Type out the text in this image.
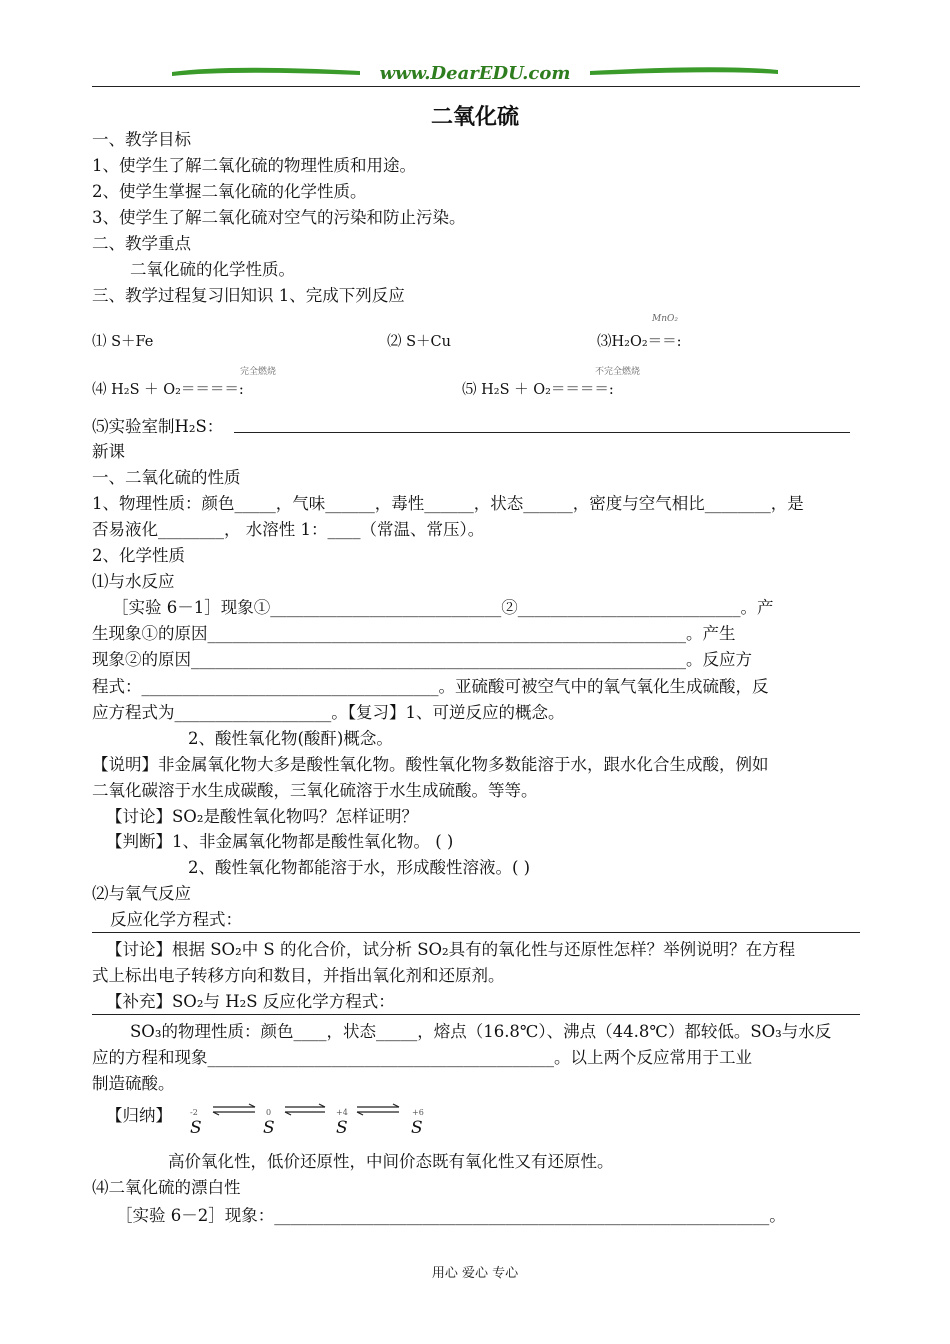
www.DearEDU.com
二氧化硫
一、教学目标
1、使学生了解二氧化硫的物理性质和用途。
2、使学生掌握二氧化硫的化学性质。
3、使学生了解二氧化硫对空气的污染和防止污染。
二、教学重点
二氧化硫的化学性质。
三、教学过程复习旧知识 1、完成下列反应
⑴ S＋Fe	⑵ S＋Cu
MnO₂
⑶H₂O₂＝＝:
完全燃烧
⑷ H₂S ＋ O₂＝＝＝＝:
不完全燃烧
⑸ H₂S ＋ O₂＝＝＝＝:
⑸实验室制H₂S：
新课
一、二氧化硫的性质
1、物理性质：颜色_____，气味______，毒性______，状态______，密度与空气相比________，是
否易液化________， 水溶性 1：____（常温、常压）。
2、化学性质
⑴与水反应
［实验 6－1］现象①____________________________②___________________________。产
生现象①的原因__________________________________________________________。产生
现象②的原因____________________________________________________________。反应方
程式：____________________________________。亚硫酸可被空气中的氧气氧化生成硫酸，反
应方程式为___________________。【复习】1、可逆反应的概念。
2、酸性氧化物(酸酐)概念。
【说明】非金属氧化物大多是酸性氧化物。酸性氧化物多数能溶于水，跟水化合生成酸，例如
二氧化碳溶于水生成碳酸，三氧化硫溶于水生成硫酸。等等。
【讨论】SO₂是酸性氧化物吗？怎样证明？
【判断】1、非金属氧化物都是酸性氧化物。 ( )
2、酸性氧化物都能溶于水，形成酸性溶液。( )
⑵与氧气反应
反应化学方程式：
【讨论】根据 SO₂中 S 的化合价，试分析 SO₂具有的氧化性与还原性怎样？举例说明？在方程
式上标出电子转移方向和数目，并指出氧化剂和还原剂。
【补充】SO₂与 H₂S 反应化学方程式：
SO₃的物理性质：颜色____，状态_____，熔点（16.8℃）、沸点（44.8℃）都较低。SO₃与水反
应的方程和现象__________________________________________。以上两个反应常用于工业
制造硫酸。
【归纳】 -2
S
0
S
+4
S
+6
S
高价氧化性，低价还原性，中间价态既有氧化性又有还原性。
⑷二氧化硫的漂白性
［实验 6－2］现象：____________________________________________________________。
用心 爱心 专心
